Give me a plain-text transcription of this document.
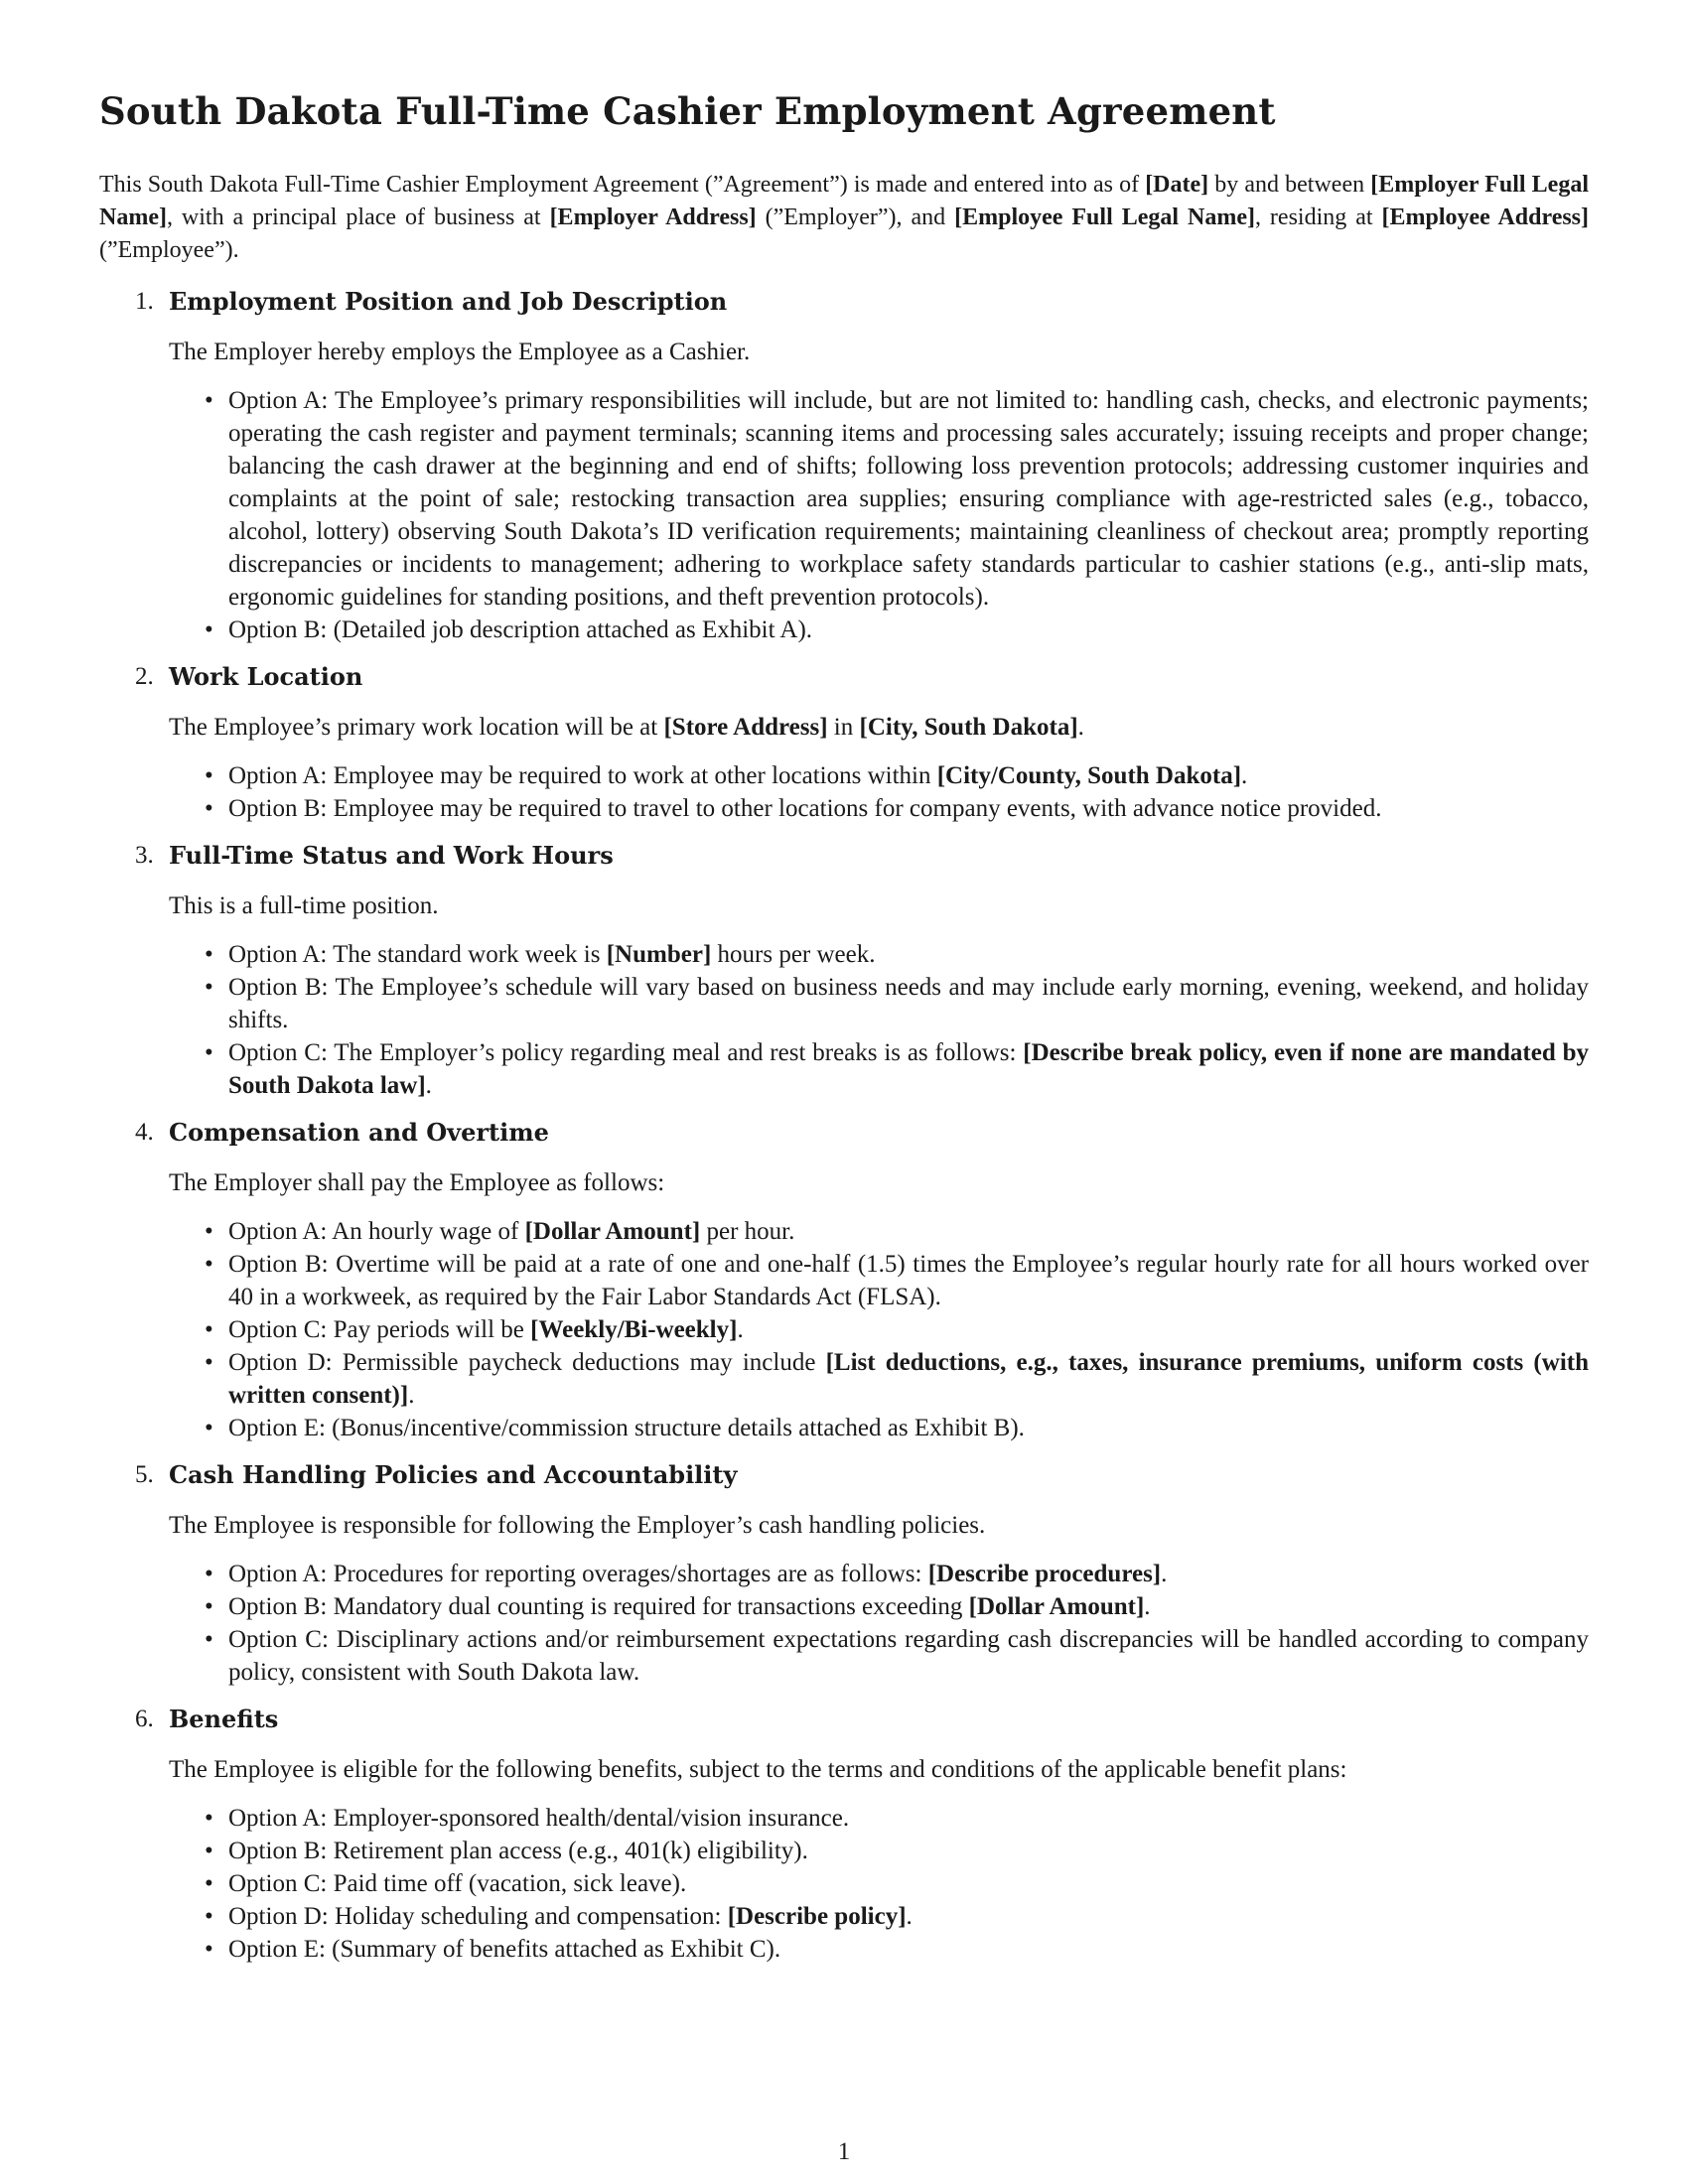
South Dakota Full-Time Cashier Employment Agreement

This South Dakota Full-Time Cashier Employment Agreement (”Agreement”) is made and entered into as of [Date] by and between [Employer Full Legal Name], with a principal place of business at [Employer Address] (”Employer”), and [Employee Full Legal Name], residing at [Employee Address] (”Employee”).

1. Employment Position and Job Description
The Employer hereby employs the Employee as a Cashier.
• Option A: The Employee’s primary responsibilities will include, but are not limited to: handling cash, checks, and electronic payments; operating the cash register and payment terminals; scanning items and processing sales accurately; issuing receipts and proper change; balancing the cash drawer at the beginning and end of shifts; following loss prevention protocols; addressing customer inquiries and complaints at the point of sale; restocking transaction area supplies; ensuring compliance with age-restricted sales (e.g., tobacco, alcohol, lottery) observing South Dakota’s ID verification requirements; maintaining cleanliness of checkout area; promptly reporting discrepancies or incidents to management; adhering to workplace safety standards particular to cashier stations (e.g., anti-slip mats, ergonomic guidelines for standing positions, and theft prevention protocols).
• Option B: (Detailed job description attached as Exhibit A).
2. Work Location
The Employee’s primary work location will be at [Store Address] in [City, South Dakota].
• Option A: Employee may be required to work at other locations within [City/County, South Dakota].
• Option B: Employee may be required to travel to other locations for company events, with advance notice provided.
3. Full-Time Status and Work Hours
This is a full-time position.
• Option A: The standard work week is [Number] hours per week.
• Option B: The Employee’s schedule will vary based on business needs and may include early morning, evening, weekend, and holiday shifts.
• Option C: The Employer’s policy regarding meal and rest breaks is as follows: [Describe break policy, even if none are mandated by South Dakota law].
4. Compensation and Overtime
The Employer shall pay the Employee as follows:
• Option A: An hourly wage of [Dollar Amount] per hour.
• Option B: Overtime will be paid at a rate of one and one-half (1.5) times the Employee’s regular hourly rate for all hours worked over 40 in a workweek, as required by the Fair Labor Standards Act (FLSA).
• Option C: Pay periods will be [Weekly/Bi-weekly].
• Option D: Permissible paycheck deductions may include [List deductions, e.g., taxes, insurance premiums, uniform costs (with written consent)].
• Option E: (Bonus/incentive/commission structure details attached as Exhibit B).
5. Cash Handling Policies and Accountability
The Employee is responsible for following the Employer’s cash handling policies.
• Option A: Procedures for reporting overages/shortages are as follows: [Describe procedures].
• Option B: Mandatory dual counting is required for transactions exceeding [Dollar Amount].
• Option C: Disciplinary actions and/or reimbursement expectations regarding cash discrepancies will be handled according to company policy, consistent with South Dakota law.
6. Benefits
The Employee is eligible for the following benefits, subject to the terms and conditions of the applicable benefit plans:
• Option A: Employer-sponsored health/dental/vision insurance.
• Option B: Retirement plan access (e.g., 401(k) eligibility).
• Option C: Paid time off (vacation, sick leave).
• Option D: Holiday scheduling and compensation: [Describe policy].
• Option E: (Summary of benefits attached as Exhibit C).
1
